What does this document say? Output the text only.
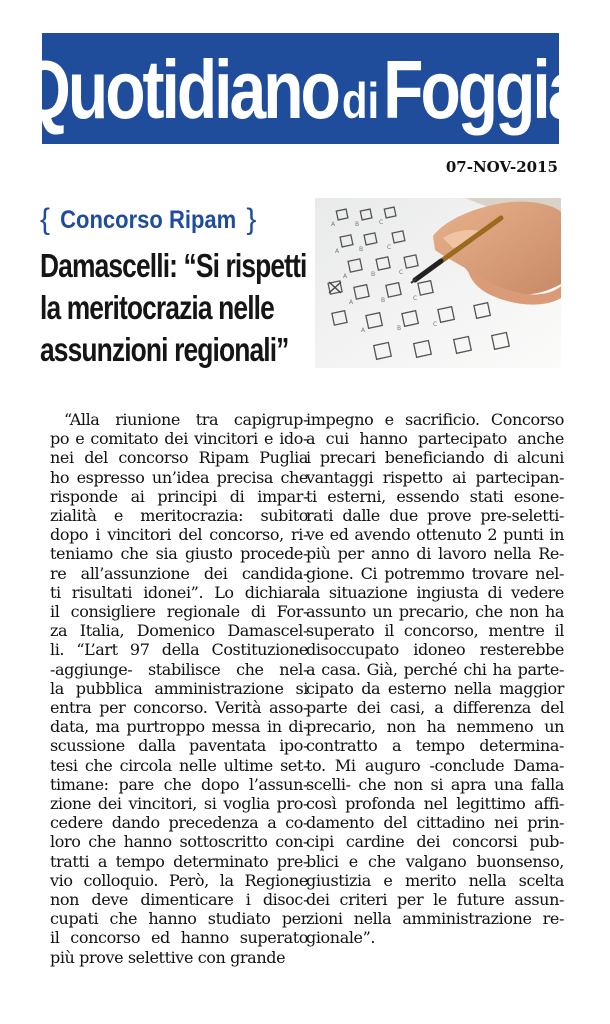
Quotidiano di Foggia
07-NOV-2015
{ Concorso Ripam }
Damascelli: “Si rispetti
la meritocrazia nelle
assunzioni regionali”
A	B	C
A	B	C
A	B	C
A	B	C
A	B
C
“Alla riunione tra capigrup-
po e comitato dei vincitori e ido-
nei del concorso Ripam Puglia
ho espresso un’idea precisa che
risponde ai principi di impar-
zialità e meritocrazia: subito
dopo i vincitori del concorso, ri-
teniamo che sia giusto procede-
re all’assunzione dei candida-
ti risultati idonei”. Lo dichiara
il consigliere regionale di For-
za Italia, Domenico Damascel-
li. “L’art 97 della Costituzione
-aggiunge- stabilisce che nel-
la pubblica amministrazione si
entra per concorso. Verità asso-
data, ma purtroppo messa in di-
scussione dalla paventata ipo-
tesi che circola nelle ultime set-
timane: pare che dopo l’assun-
zione dei vincitori, si voglia pro-
cedere dando precedenza a co-
loro che hanno sottoscritto con-
tratti a tempo determinato pre-
vio colloquio. Però, la Regione
non deve dimenticare i disoc-
cupati che hanno studiato per
il concorso ed hanno superato
più prove selettive con grande
impegno e sacrificio. Concorso
a cui hanno partecipato anche
i precari beneficiando di alcuni
vantaggi rispetto ai partecipan-
ti esterni, essendo stati esone-
rati dalle due prove pre-seletti-
ve ed avendo ottenuto 2 punti in
più per anno di lavoro nella Re-
gione. Ci potremmo trovare nel-
la situazione ingiusta di vedere
assunto un precario, che non ha
superato il concorso, mentre il
disoccupato idoneo resterebbe
a casa. Già, perché chi ha parte-
cipato da esterno nella maggior
parte dei casi, a differenza del
precario, non ha nemmeno un
contratto a tempo determina-
to. Mi auguro -conclude Dama-
scelli- che non si apra una falla
così profonda nel legittimo affi-
damento del cittadino nei prin-
cipi cardine dei concorsi pub-
blici e che valgano buonsenso,
giustizia e merito nella scelta
dei criteri per le future assun-
zioni nella amministrazione re-
gionale”.
